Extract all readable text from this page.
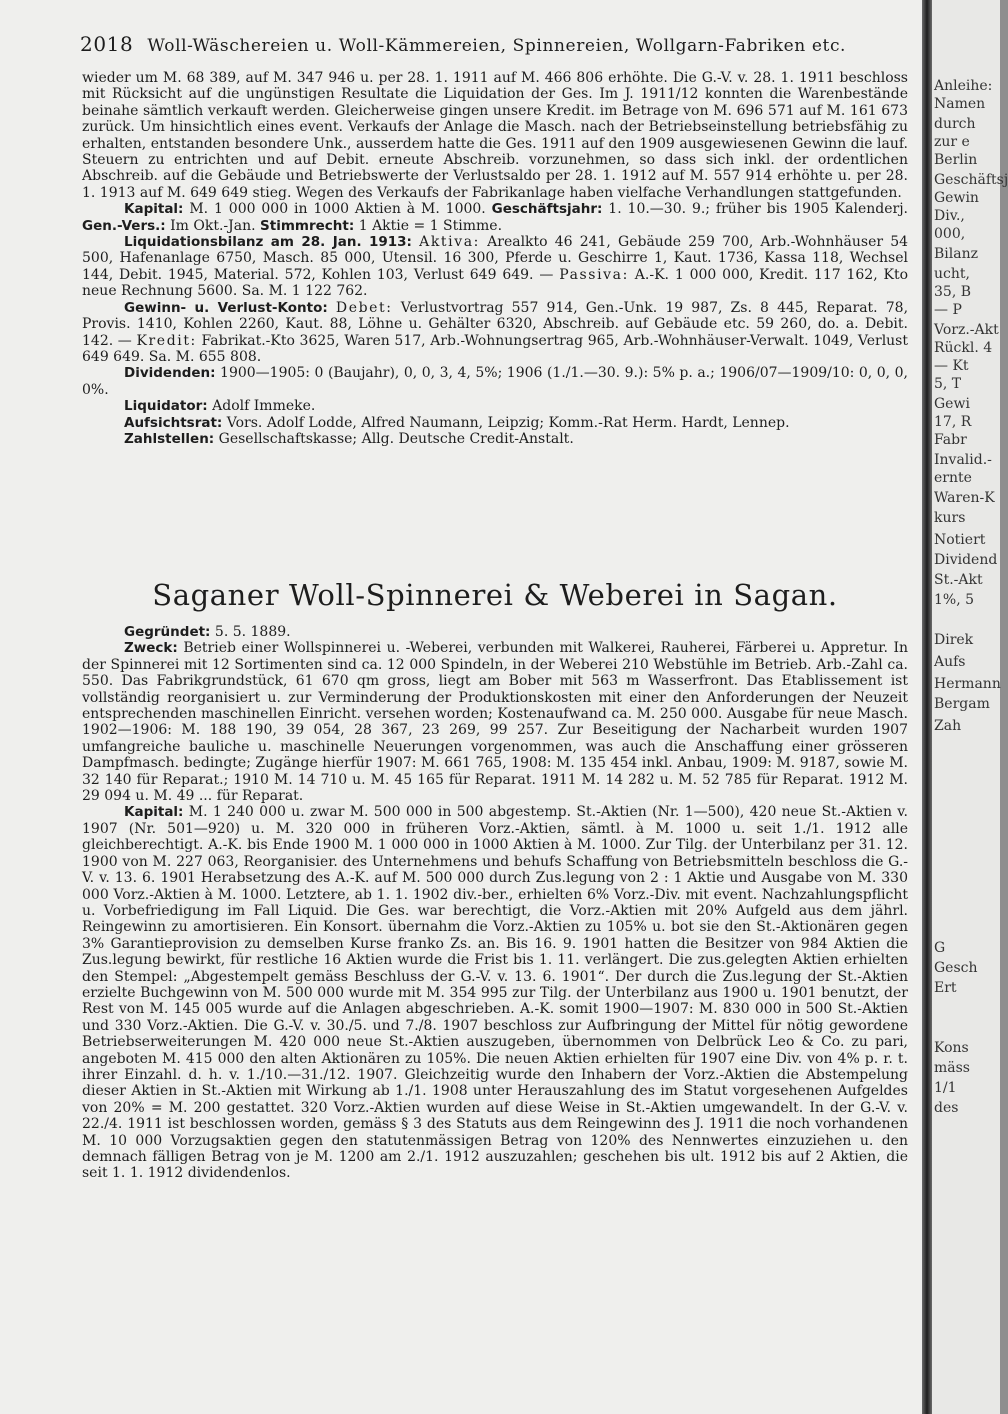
2018 Woll-Wäschereien u. Woll-Kämmereien, Spinnereien, Wollgarn-Fabriken etc.

wieder um M. 68 389, auf M. 347 946 u. per 28. 1. 1911 auf M. 466 806 erhöhte. Die G.-V. v. 28. 1. 1911 beschloss mit Rücksicht auf die ungünstigen Resultate die Liquidation der Ges. Im J. 1911/12 konnten die Warenbestände beinahe sämtlich verkauft werden. Gleicherweise gingen unsere Kredit. im Betrage von M. 696 571 auf M. 161 673 zurück. Um hinsichtlich eines event. Verkaufs der Anlage die Masch. nach der Betriebseinstellung betriebsfähig zu erhalten, entstanden besondere Unk., ausserdem hatte die Ges. 1911 auf den 1909 ausgewiesenen Gewinn die lauf. Steuern zu entrichten und auf Debit. erneute Abschreib. vorzunehmen, so dass sich inkl. der ordentlichen Abschreib. auf die Gebäude und Betriebswerte der Verlustsaldo per 28. 1. 1912 auf M. 557 914 erhöhte u. per 28. 1. 1913 auf M. 649 649 stieg. Wegen des Verkaufs der Fabrikanlage haben vielfache Verhandlungen stattgefunden.

Kapital: M. 1 000 000 in 1000 Aktien à M. 1000. Geschäftsjahr: 1. 10.—30. 9.; früher bis 1905 Kalenderj. Gen.-Vers.: Im Okt.-Jan. Stimmrecht: 1 Aktie = 1 Stimme.

Liquidationsbilanz am 28. Jan. 1913: Aktiva: Arealkto 46 241, Gebäude 259 700, Arb.-Wohnhäuser 54 500, Hafenanlage 6750, Masch. 85 000, Utensil. 16 300, Pferde u. Geschirre 1, Kaut. 1736, Kassa 118, Wechsel 144, Debit. 1945, Material. 572, Kohlen 103, Verlust 649 649. — Passiva: A.-K. 1 000 000, Kredit. 117 162, Kto neue Rechnung 5600. Sa. M. 1 122 762.

Gewinn- u. Verlust-Konto: Debet: Verlustvortrag 557 914, Gen.-Unk. 19 987, Zs. 8 445, Reparat. 78, Provis. 1410, Kohlen 2260, Kaut. 88, Löhne u. Gehälter 6320, Abschreib. auf Gebäude etc. 59 260, do. a. Debit. 142. — Kredit: Fabrikat.-Kto 3625, Waren 517, Arb.-Wohnungsertrag 965, Arb.-Wohnhäuser-Verwalt. 1049, Verlust 649 649. Sa. M. 655 808.

Dividenden: 1900—1905: 0 (Baujahr), 0, 0, 3, 4, 5%; 1906 (1./1.—30. 9.): 5% p. a.; 1906/07—1909/10: 0, 0, 0, 0%.

Liquidator: Adolf Immeke.

Aufsichtsrat: Vors. Adolf Lodde, Alfred Naumann, Leipzig; Komm.-Rat Herm. Hardt, Lennep.

Zahlstellen: Gesellschaftskasse; Allg. Deutsche Credit-Anstalt.

Saganer Woll-Spinnerei & Weberei in Sagan.

Gegründet: 5. 5. 1889.

Zweck: Betrieb einer Wollspinnerei u. -Weberei, verbunden mit Walkerei, Rauherei, Färberei u. Appretur. In der Spinnerei mit 12 Sortimenten sind ca. 12 000 Spindeln, in der Weberei 210 Webstühle im Betrieb. Arb.-Zahl ca. 550. Das Fabrikgrundstück, 61 670 qm gross, liegt am Bober mit 563 m Wasserfront. Das Etablissement ist vollständig reorganisiert u. zur Verminderung der Produktionskosten mit einer den Anforderungen der Neuzeit entsprechenden maschinellen Einricht. versehen worden; Kostenaufwand ca. M. 250 000. Ausgabe für neue Masch. 1902—1906: M. 188 190, 39 054, 28 367, 23 269, 99 257. Zur Beseitigung der Nacharbeit wurden 1907 umfangreiche bauliche u. maschinelle Neuerungen vorgenommen, was auch die Anschaffung einer grösseren Dampfmasch. bedingte; Zugänge hierfür 1907: M. 661 765, 1908: M. 135 454 inkl. Anbau, 1909: M. 9187, sowie M. 32 140 für Reparat.; 1910 M. 14 710 u. M. 45 165 für Reparat. 1911 M. 14 282 u. M. 52 785 für Reparat. 1912 M. 29 094 u. M. 49 ... für Reparat.

Kapital: M. 1 240 000 u. zwar M. 500 000 in 500 abgestemp. St.-Aktien (Nr. 1—500), 420 neue St.-Aktien v. 1907 (Nr. 501—920) u. M. 320 000 in früheren Vorz.-Aktien, sämtl. à M. 1000 u. seit 1./1. 1912 alle gleichberechtigt. A.-K. bis Ende 1900 M. 1 000 000 in 1000 Aktien à M. 1000. Zur Tilg. der Unterbilanz per 31. 12. 1900 von M. 227 063, Reorganisier. des Unternehmens und behufs Schaffung von Betriebsmitteln beschloss die G.-V. v. 13. 6. 1901 Herabsetzung des A.-K. auf M. 500 000 durch Zus.legung von 2 : 1 Aktie und Ausgabe von M. 330 000 Vorz.-Aktien à M. 1000. Letztere, ab 1. 1. 1902 div.-ber., erhielten 6% Vorz.-Div. mit event. Nachzahlungspflicht u. Vorbefriedigung im Fall Liquid. Die Ges. war berechtigt, die Vorz.-Aktien mit 20% Aufgeld aus dem jährl. Reingewinn zu amortisieren. Ein Konsort. übernahm die Vorz.-Aktien zu 105% u. bot sie den St.-Aktionären gegen 3% Garantieprovision zu demselben Kurse franko Zs. an. Bis 16. 9. 1901 hatten die Besitzer von 984 Aktien die Zus.legung bewirkt, für restliche 16 Aktien wurde die Frist bis 1. 11. verlängert. Die zus.gelegten Aktien erhielten den Stempel: „Abgestempelt gemäss Beschluss der G.-V. v. 13. 6. 1901“. Der durch die Zus.legung der St.-Aktien erzielte Buchgewinn von M. 500 000 wurde mit M. 354 995 zur Tilg. der Unterbilanz aus 1900 u. 1901 benutzt, der Rest von M. 145 005 wurde auf die Anlagen abgeschrieben. A.-K. somit 1900—1907: M. 830 000 in 500 St.-Aktien und 330 Vorz.-Aktien. Die G.-V. v. 30./5. und 7./8. 1907 beschloss zur Aufbringung der Mittel für nötig gewordene Betriebserweiterungen M. 420 000 neue St.-Aktien auszugeben, übernommen von Delbrück Leo & Co. zu pari, angeboten M. 415 000 den alten Aktionären zu 105%. Die neuen Aktien erhielten für 1907 eine Div. von 4% p. r. t. ihrer Einzahl. d. h. v. 1./10.—31./12. 1907. Gleichzeitig wurde den Inhabern der Vorz.-Aktien die Abstempelung dieser Aktien in St.-Aktien mit Wirkung ab 1./1. 1908 unter Herauszahlung des im Statut vorgesehenen Aufgeldes von 20% = M. 200 gestattet. 320 Vorz.-Aktien wurden auf diese Weise in St.-Aktien umgewandelt. In der G.-V. v. 22./4. 1911 ist beschlossen worden, gemäss § 3 des Statuts aus dem Reingewinn des J. 1911 die noch vorhandenen M. 10 000 Vorzugsaktien gegen den statutenmässigen Betrag von 120% des Nennwertes einzuziehen u. den demnach fälligen Betrag von je M. 1200 am 2./1. 1912 auszuzahlen; geschehen bis ult. 1912 bis auf 2 Aktien, die seit 1. 1. 1912 dividendenlos.

Anleihe:
Namen
durch
zur e
Berlin
Geschäftsj
Gewin
Div.,
000,
Bilanz
ucht,
35, B
— P
Vorz.-Akt
Rückl. 4
— Kt
5, T
Gewi
17, R
Fabr
Invalid.-
ernte
Waren-K
kurs
Notiert
Dividend
St.-Akt
1%, 5
Direk
Aufs
Hermann
Bergam
Zah
G
Gesch
Ert
Kons
mäss
1/1
des
